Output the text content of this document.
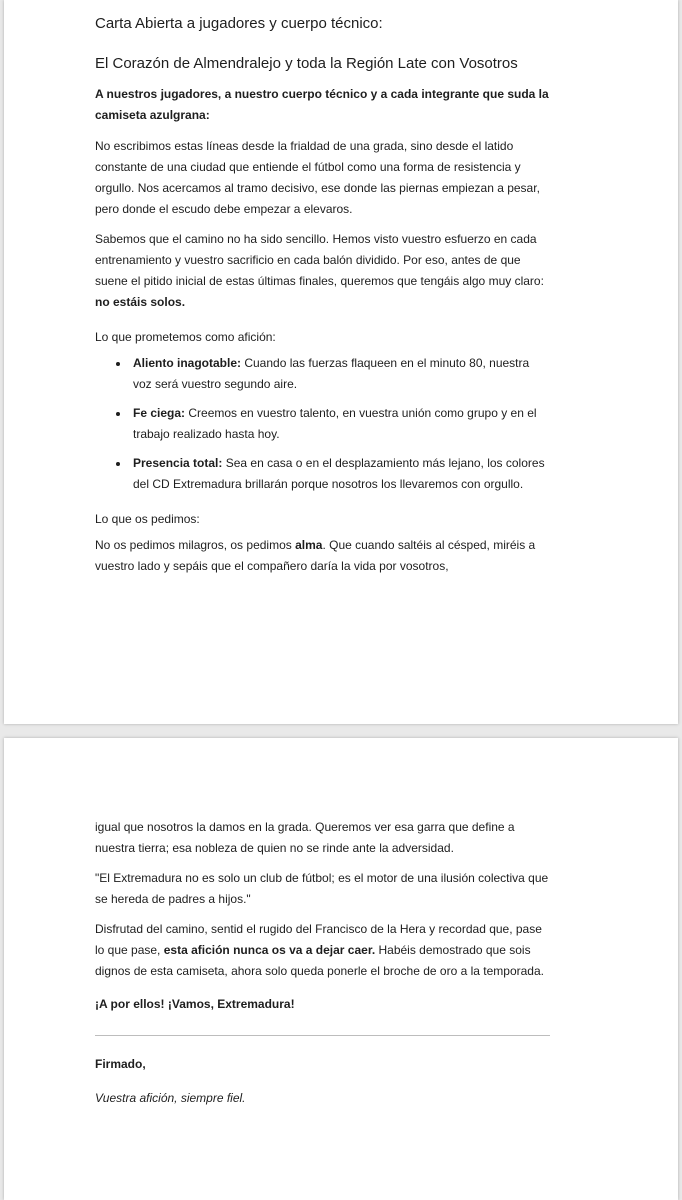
Carta Abierta a jugadores y cuerpo técnico:
El Corazón de Almendralejo y toda la Región Late con Vosotros
A nuestros jugadores, a nuestro cuerpo técnico y a cada integrante que suda la camiseta azulgrana:

No escribimos estas líneas desde la frialdad de una grada, sino desde el latido constante de una ciudad que entiende el fútbol como una forma de resistencia y orgullo. Nos acercamos al tramo decisivo, ese donde las piernas empiezan a pesar, pero donde el escudo debe empezar a elevaros.

Sabemos que el camino no ha sido sencillo. Hemos visto vuestro esfuerzo en cada entrenamiento y vuestro sacrificio en cada balón dividido. Por eso, antes de que suene el pitido inicial de estas últimas finales, queremos que tengáis algo muy claro: no estáis solos.

Lo que prometemos como afición:
Aliento inagotable: Cuando las fuerzas flaqueen en el minuto 80, nuestra voz será vuestro segundo aire.
Fe ciega: Creemos en vuestro talento, en vuestra unión como grupo y en el trabajo realizado hasta hoy.
Presencia total: Sea en casa o en el desplazamiento más lejano, los colores del CD Extremadura brillarán porque nosotros los llevaremos con orgullo.
Lo que os pedimos:

No os pedimos milagros, os pedimos alma. Que cuando saltéis al césped, miréis a vuestro lado y sepáis que el compañero daría la vida por vosotros,

igual que nosotros la damos en la grada. Queremos ver esa garra que define a nuestra tierra; esa nobleza de quien no se rinde ante la adversidad.

"El Extremadura no es solo un club de fútbol; es el motor de una ilusión colectiva que se hereda de padres a hijos."

Disfrutad del camino, sentid el rugido del Francisco de la Hera y recordad que, pase lo que pase, esta afición nunca os va a dejar caer. Habéis demostrado que sois dignos de esta camiseta, ahora solo queda ponerle el broche de oro a la temporada.

¡A por ellos! ¡Vamos, Extremadura!
Firmado,
Vuestra afición, siempre fiel.
